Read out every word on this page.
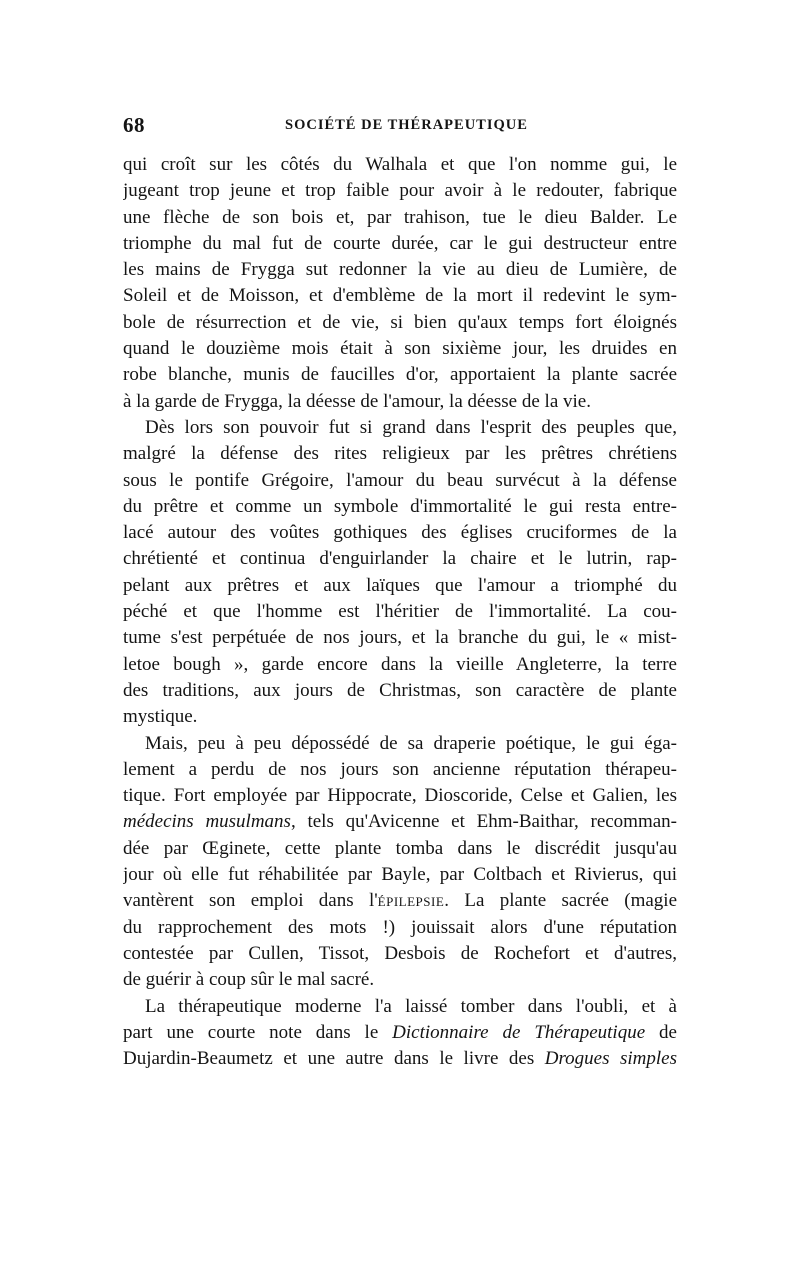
68	SOCIÉTÉ DE THÉRAPEUTIQUE
qui croît sur les côtés du Walhala et que l'on nomme gui, le
jugeant trop jeune et trop faible pour avoir à le redouter, fabrique
une flèche de son bois et, par trahison, tue le dieu Balder. Le
triomphe du mal fut de courte durée, car le gui destructeur entre
les mains de Frygga sut redonner la vie au dieu de Lumière, de
Soleil et de Moisson, et d'emblème de la mort il redevint le sym-
bole de résurrection et de vie, si bien qu'aux temps fort éloignés
quand le douzième mois était à son sixième jour, les druides en
robe blanche, munis de faucilles d'or, apportaient la plante sacrée
à la garde de Frygga, la déesse de l'amour, la déesse de la vie.
Dès lors son pouvoir fut si grand dans l'esprit des peuples que,
malgré la défense des rites religieux par les prêtres chrétiens
sous le pontife Grégoire, l'amour du beau survécut à la défense
du prêtre et comme un symbole d'immortalité le gui resta entre-
lacé autour des voûtes gothiques des églises cruciformes de la
chrétienté et continua d'enguirlander la chaire et le lutrin, rap-
pelant aux prêtres et aux laïques que l'amour a triomphé du
péché et que l'homme est l'héritier de l'immortalité. La cou-
tume s'est perpétuée de nos jours, et la branche du gui, le « mist-
letoe bough », garde encore dans la vieille Angleterre, la terre
des traditions, aux jours de Christmas, son caractère de plante
mystique.
Mais, peu à peu dépossédé de sa draperie poétique, le gui éga-
lement a perdu de nos jours son ancienne réputation thérapeu-
tique. Fort employée par Hippocrate, Dioscoride, Celse et Galien, les
médecins musulmans, tels qu'Avicenne et Ehm-Baithar, recomman-
dée par Œginete, cette plante tomba dans le discrédit jusqu'au
jour où elle fut réhabilitée par Bayle, par Coltbach et Rivierus, qui
vantèrent son emploi dans l'épilepsie. La plante sacrée (magie
du rapprochement des mots !) jouissait alors d'une réputation
contestée par Cullen, Tissot, Desbois de Rochefort et d'autres,
de guérir à coup sûr le mal sacré.
La thérapeutique moderne l'a laissé tomber dans l'oubli, et à
part une courte note dans le Dictionnaire de Thérapeutique de
Dujardin-Beaumetz et une autre dans le livre des Drogues simples
